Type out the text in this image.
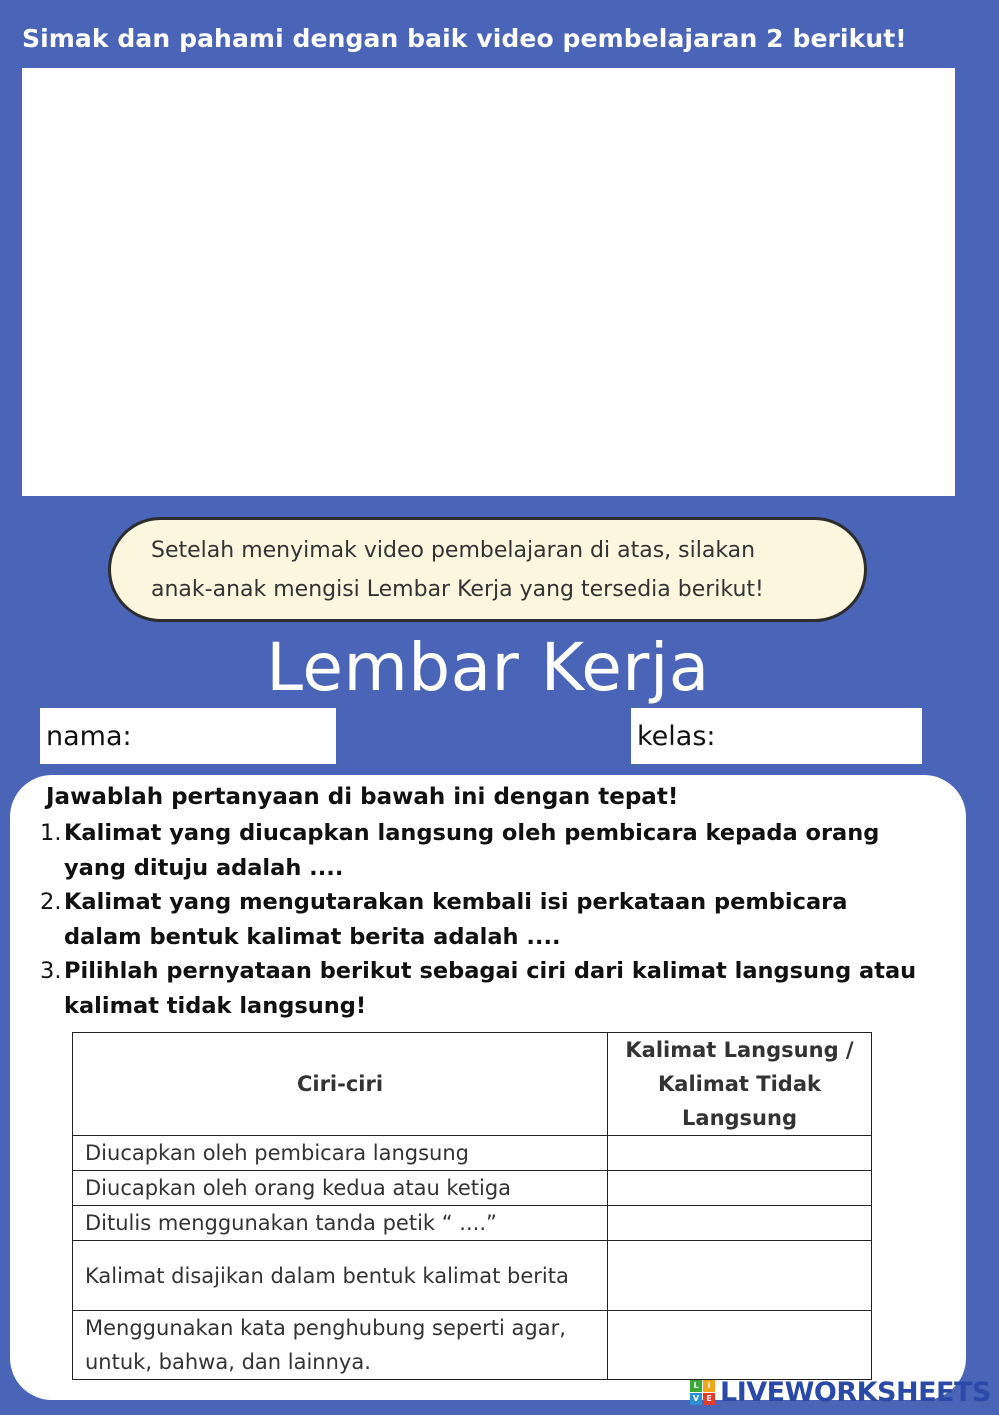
Simak dan pahami dengan baik video pembelajaran 2 berikut!
Setelah menyimak video pembelajaran di atas, silakan
anak-anak mengisi Lembar Kerja yang tersedia berikut!
Lembar Kerja
nama:	kelas:
Jawablah pertanyaan di bawah ini dengan tepat!
1. Kalimat yang diucapkan langsung oleh pembicara kepada orang yang dituju adalah ....
2. Kalimat yang mengutarakan kembali isi perkataan pembicara dalam bentuk kalimat berita adalah ....
3. Pilihlah pernyataan berikut sebagai ciri dari kalimat langsung atau kalimat tidak langsung!
Ciri-ciri	Kalimat Langsung / Kalimat Tidak Langsung
Diucapkan oleh pembicara langsung	
Diucapkan oleh orang kedua atau ketiga	
Ditulis menggunakan tanda petik “ ....”	
Kalimat disajikan dalam bentuk kalimat berita	
Menggunakan kata penghubung seperti agar, untuk, bahwa, dan lainnya.	
L	I
V E LIVEWORKSHEETS
